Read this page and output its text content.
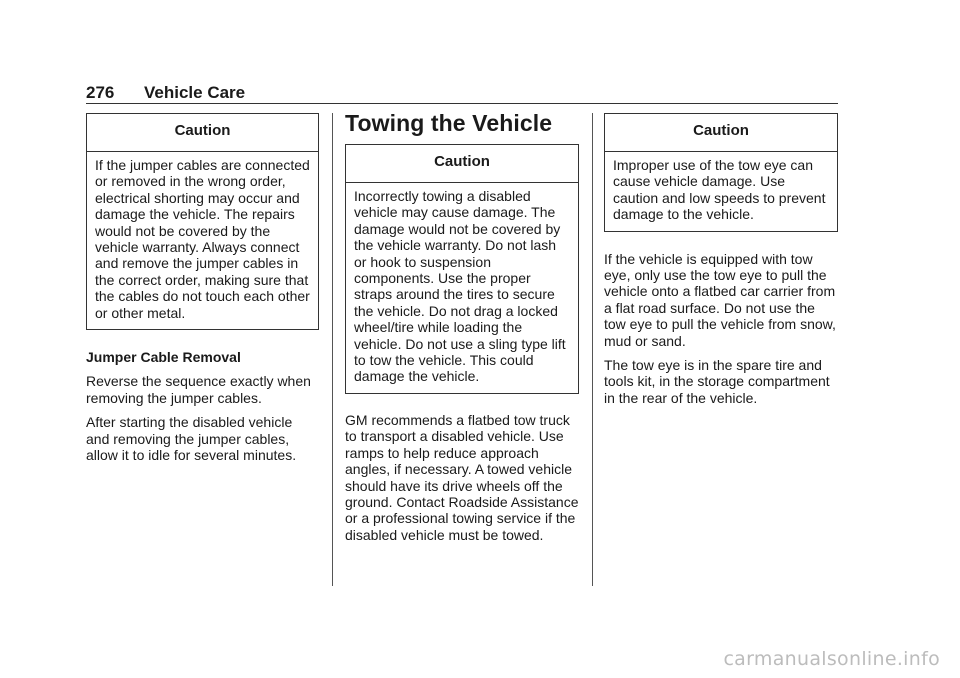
276 Vehicle Care
Caution
If the jumper cables are connected or removed in the wrong order, electrical shorting may occur and damage the vehicle. The repairs would not be covered by the vehicle warranty. Always connect and remove the jumper cables in the correct order, making sure that the cables do not touch each other or other metal.

Jumper Cable Removal

Reverse the sequence exactly when removing the jumper cables.

After starting the disabled vehicle and removing the jumper cables, allow it to idle for several minutes.

Towing the Vehicle
Caution
Incorrectly towing a disabled vehicle may cause damage. The damage would not be covered by the vehicle warranty. Do not lash or hook to suspension components. Use the proper straps around the tires to secure the vehicle. Do not drag a locked wheel/tire while loading the vehicle. Do not use a sling type lift to tow the vehicle. This could damage the vehicle.

GM recommends a flatbed tow truck to transport a disabled vehicle. Use ramps to help reduce approach angles, if necessary. A towed vehicle should have its drive wheels off the ground. Contact Roadside Assistance or a professional towing service if the disabled vehicle must be towed.

Caution
Improper use of the tow eye can cause vehicle damage. Use caution and low speeds to prevent damage to the vehicle.

If the vehicle is equipped with tow eye, only use the tow eye to pull the vehicle onto a flatbed car carrier from a flat road surface. Do not use the tow eye to pull the vehicle from snow, mud or sand.

The tow eye is in the spare tire and tools kit, in the storage compartment in the rear of the vehicle.

carmanualsonline.info
